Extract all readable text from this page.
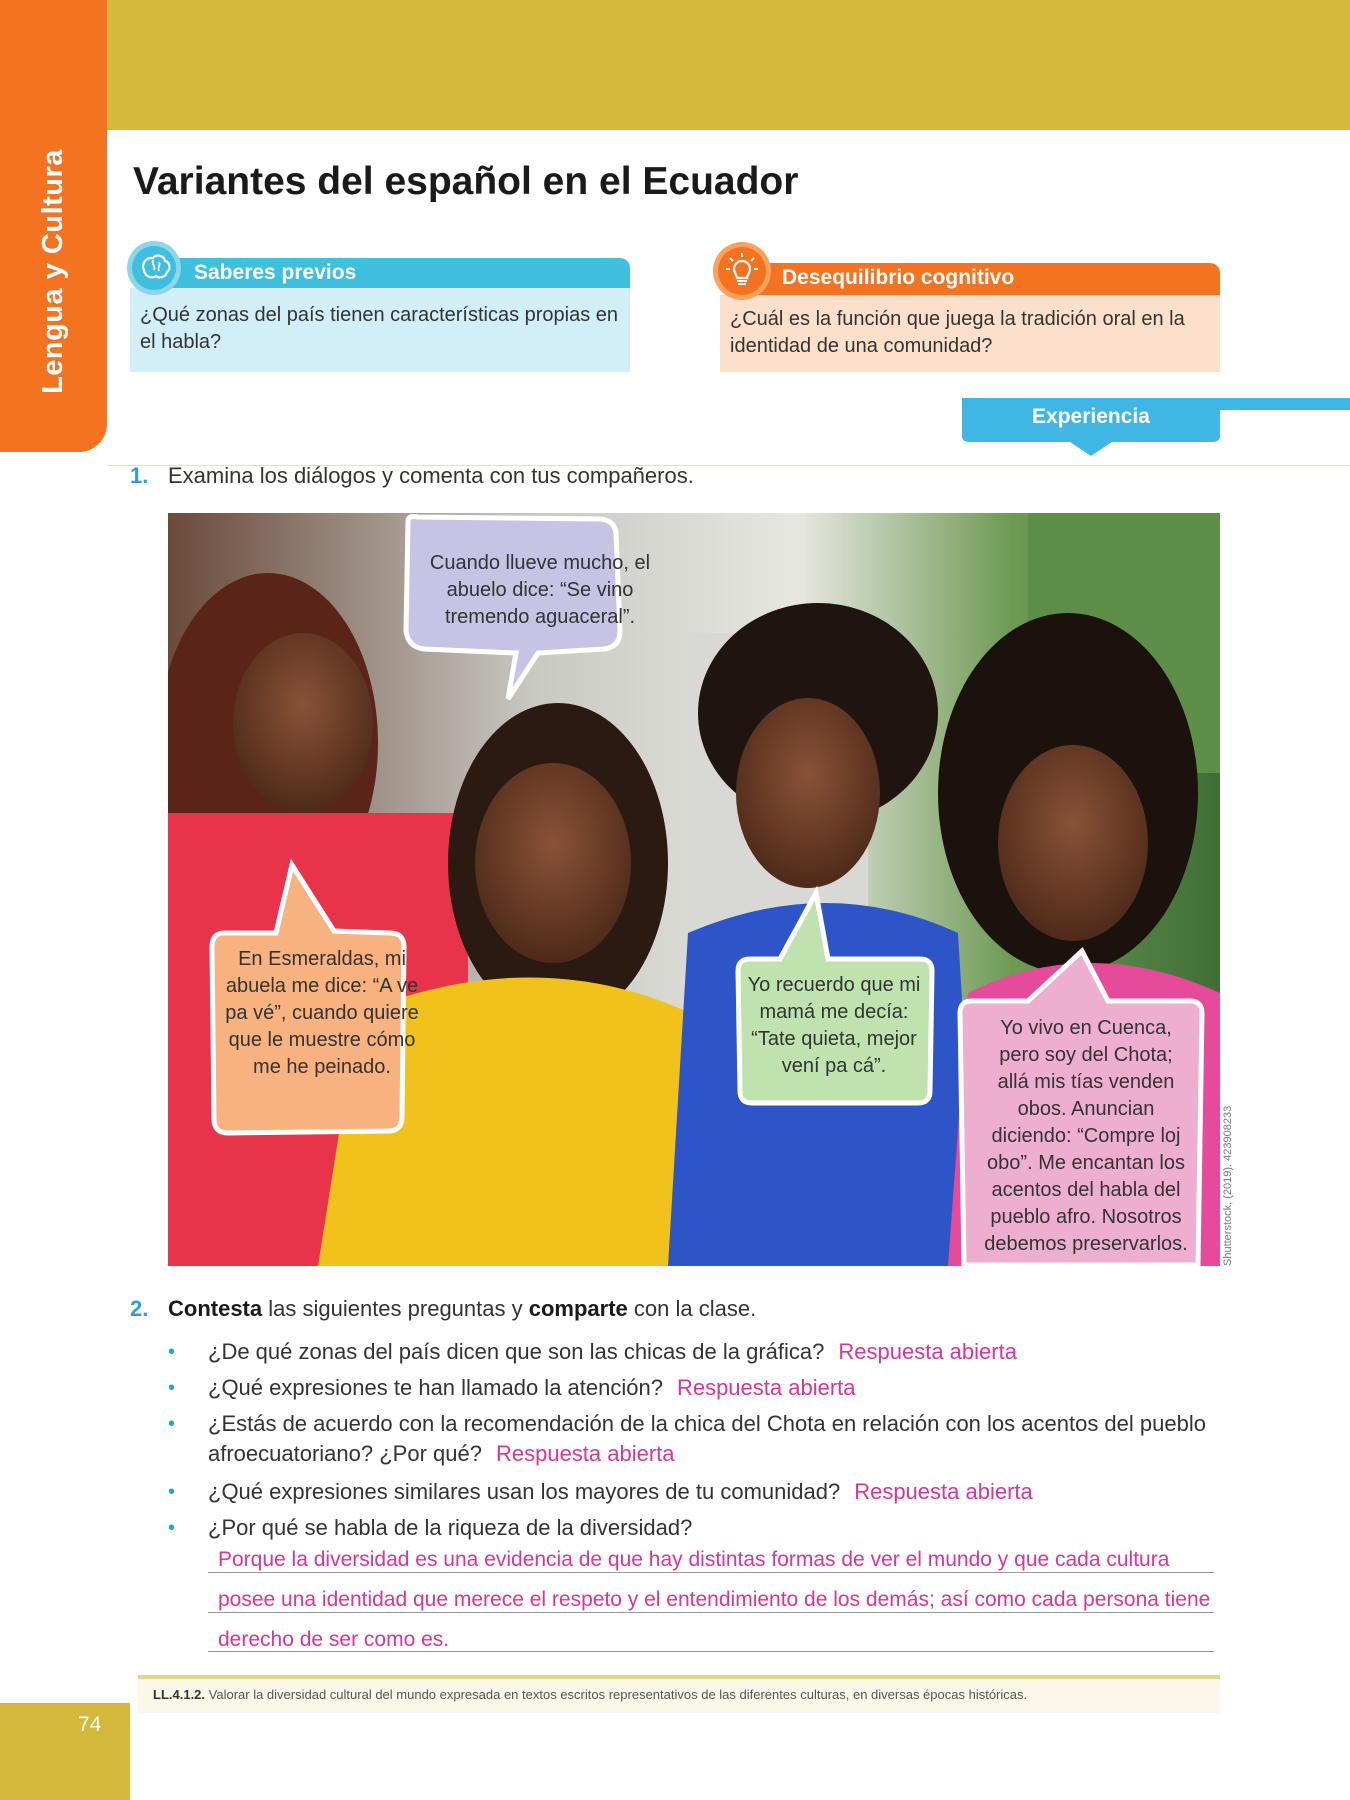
Lengua y Cultura Variantes del español en el Ecuador
Saberes previos
¿Qué zonas del país tienen características propias en el habla?
Desequilibrio cognitivo
¿Cuál es la función que juega la tradición oral en la identidad de una comunidad?
Experiencia
1. Examina los diálogos y comenta con tus compañeros.
Cuando llueve mucho, el abuelo dice: “Se vino tremendo aguaceral”.
En Esmeraldas, mi abuela me dice: “A ve pa vé”, cuando quiere que le muestre cómo me he peinado.
Yo recuerdo que mi mamá me decía: “Tate quieta, mejor vení pa cá”.
Yo vivo en Cuenca, pero soy del Chota; allá mis tías venden obos. Anuncian diciendo: “Compre loj obo”. Me encantan los acentos del habla del pueblo afro. Nosotros debemos preservarlos.	Shutterstock, (2019). 423908233
2. Contesta las siguientes preguntas y comparte con la clase.
• ¿De qué zonas del país dicen que son las chicas de la gráfica? Respuesta abierta
• ¿Qué expresiones te han llamado la atención? Respuesta abierta
• ¿Estás de acuerdo con la recomendación de la chica del Chota en relación con los acentos del pueblo afroecuatoriano? ¿Por qué? Respuesta abierta
• ¿Qué expresiones similares usan los mayores de tu comunidad? Respuesta abierta
• ¿Por qué se habla de la riqueza de la diversidad?
Porque la diversidad es una evidencia de que hay distintas formas de ver el mundo y que cada cultura
posee una identidad que merece el respeto y el entendimiento de los demás; así como cada persona tiene
derecho de ser como es.
LL.4.1.2. Valorar la diversidad cultural del mundo expresada en textos escritos representativos de las diferentes culturas, en diversas épocas históricas.
74
